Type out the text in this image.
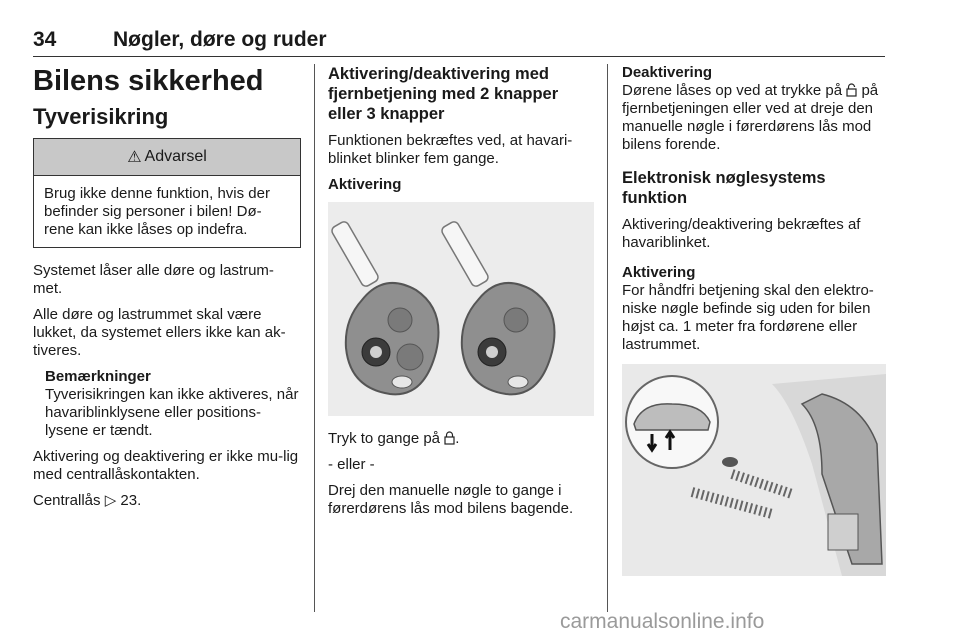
34	Nøgler, døre og ruder
Bilens sikkerhed
Tyverisikring
⚠ Advarsel
Brug ikke denne funktion, hvis der befinder sig personer i bilen! Dø-rene kan ikke låses op indefra.
Systemet låser alle døre og lastrum-met.
Alle døre og lastrummet skal være lukket, da systemet ellers ikke kan ak-tiveres.
Bemærkninger
Tyverisikringen kan ikke aktiveres, når havariblinklysene eller positions-lysene er tændt.
Aktivering og deaktivering er ikke mu-lig med centrallåskontakten.
Centrallås ▷ 23.
Aktivering/deaktivering med fjernbetjening med 2 knapper eller 3 knapper
Funktionen bekræftes ved, at havari-blinket blinker fem gange.
Aktivering
Tryk to gange på .
- eller -
Drej den manuelle nøgle to gange i førerdørens lås mod bilens bagende.
Deaktivering
Dørene låses op ved at trykke på på fjernbetjeningen eller ved at dreje den manuelle nøgle i førerdørens lås mod bilens forende.
Elektronisk nøglesystems funktion
Aktivering/deaktivering bekræftes af havariblinket.
Aktivering
For håndfri betjening skal den elektro-niske nøgle befinde sig uden for bilen højst ca. 1 meter fra fordørene eller lastrummet.
carmanualsonline.info
